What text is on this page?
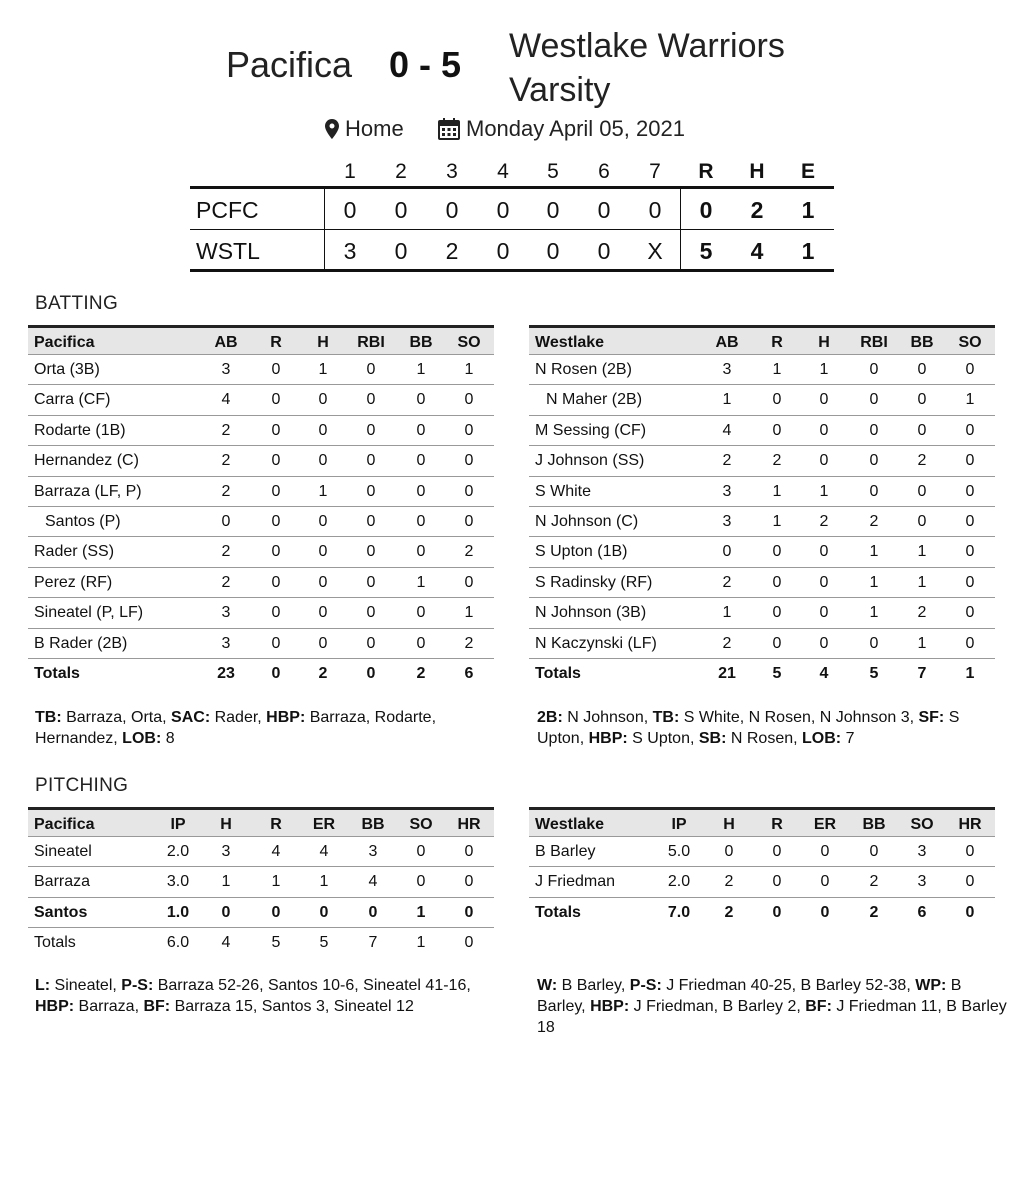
Pacifica 0 - 5 Westlake Warriors Varsity
Home	Monday April 05, 2021
1	2	3	4	5	6	7	R	H	E
PCFC	0	0	0	0	0	0	0	0	2	1
WSTL	3	0	2	0	0	0	X	5	4	1
BATTING
Pacifica	AB	R	H	RBI	BB	SO
Orta (3B)	3	0	1	0	1	1
Carra (CF)	4	0	0	0	0	0
Rodarte (1B)	2	0	0	0	0	0
Hernandez (C)	2	0	0	0	0	0
Barraza (LF, P)	2	0	1	0	0	0
Santos (P)	0	0	0	0	0	0
Rader (SS)	2	0	0	0	0	2
Perez (RF)	2	0	0	0	1	0
Sineatel (P, LF)	3	0	0	0	0	1
B Rader (2B)	3	0	0	0	0	2
Totals	23	0	2	0	2	6
Westlake	AB	R	H	RBI	BB	SO
N Rosen (2B)	3	1	1	0	0	0
N Maher (2B)	1	0	0	0	0	1
M Sessing (CF)	4	0	0	0	0	0
J Johnson (SS)	2	2	0	0	2	0
S White	3	1	1	0	0	0
N Johnson (C)	3	1	2	2	0	0
S Upton (1B)	0	0	0	1	1	0
S Radinsky (RF)	2	0	0	1	1	0
N Johnson (3B)	1	0	0	1	2	0
N Kaczynski (LF)	2	0	0	0	1	0
Totals	21	5	4	5	7	1
TB: Barraza, Orta, SAC: Rader, HBP: Barraza, Rodarte, Hernandez, LOB: 8
2B: N Johnson, TB: S White, N Rosen, N Johnson 3, SF: S Upton, HBP: S Upton, SB: N Rosen, LOB: 7
PITCHING
Pacifica	IP	H	R	ER	BB	SO	HR
Sineatel	2.0	3	4	4	3	0	0
Barraza	3.0	1	1	1	4	0	0
Santos	1.0	0	0	0	0	1	0
Totals	6.0	4	5	5	7	1	0
Westlake	IP	H	R	ER	BB	SO	HR
B Barley	5.0	0	0	0	0	3	0
J Friedman	2.0	2	0	0	2	3	0
Totals	7.0	2	0	0	2	6	0
L: Sineatel, P-S: Barraza 52-26, Santos 10-6, Sineatel 41-16, HBP: Barraza, BF: Barraza 15, Santos 3, Sineatel 12
W: B Barley, P-S: J Friedman 40-25, B Barley 52-38, WP: B Barley, HBP: J Friedman, B Barley 2, BF: J Friedman 11, B Barley 18
